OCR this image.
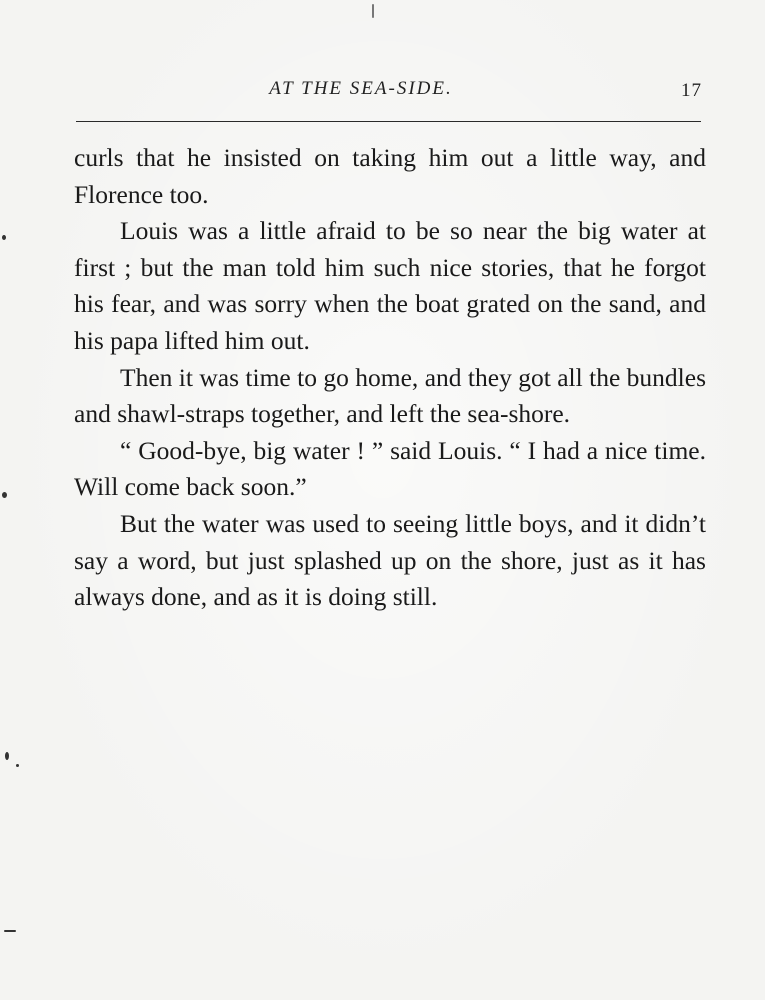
AT THE SEA-SIDE.	17

curls that he insisted on taking him out a little way, and Florence too.

Louis was a little afraid to be so near the big water at first ; but the man told him such nice stories, that he forgot his fear, and was sorry when the boat grated on the sand, and his papa lifted him out.

Then it was time to go home, and they got all the bundles and shawl-straps together, and left the sea-shore.

“ Good-bye, big water ! ” said Louis. “ I had a nice time. Will come back soon.”

But the water was used to seeing little boys, and it didn’t say a word, but just splashed up on the shore, just as it has always done, and as it is doing still.
